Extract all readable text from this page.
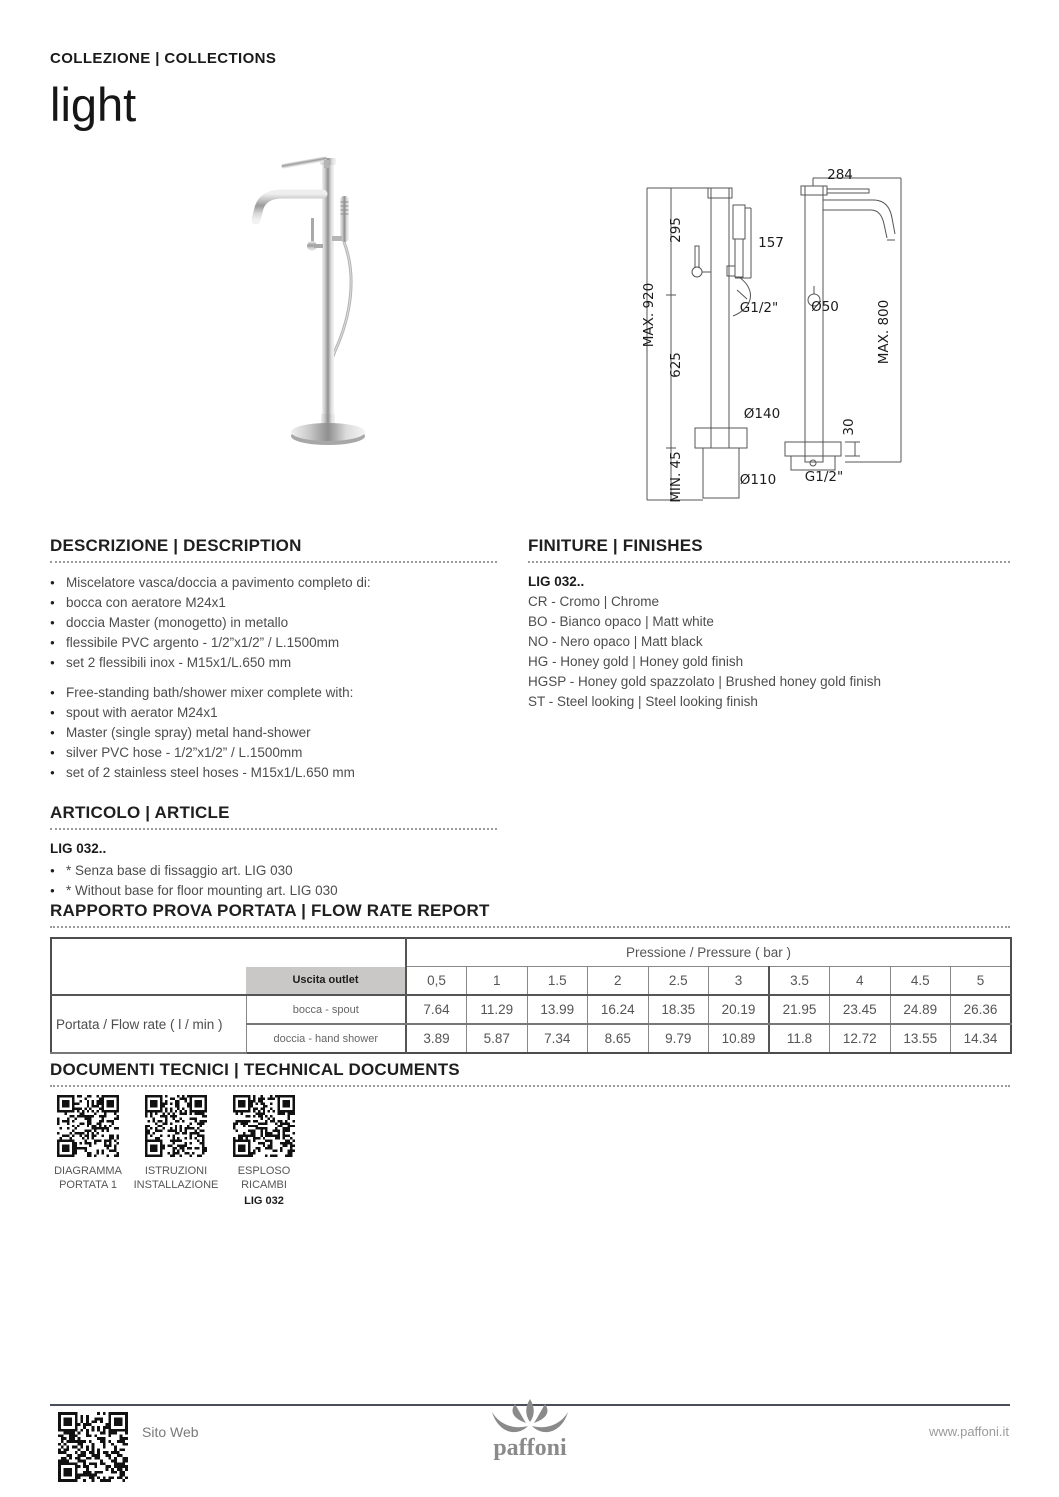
COLLEZIONE | COLLECTIONS
light
295
157
MAX. 920	G1/2"
625
MIN. 45
Ø140
Ø110
284
Ø50	MAX. 800
30
G1/2"
DESCRIZIONE | DESCRIPTION
● Miscelatore vasca/doccia a pavimento completo di:
● bocca con aeratore M24x1
● doccia Master (monogetto) in metallo
● flessibile PVC argento - 1/2”x1/2” / L.1500mm
● set 2 flessibili inox - M15x1/L.650 mm
● Free-standing bath/shower mixer complete with:
● spout with aerator M24x1
● Master (single spray) metal hand-shower
● silver PVC hose - 1/2”x1/2” / L.1500mm
● set of 2 stainless steel hoses - M15x1/L.650 mm
FINITURE | FINISHES
LIG 032..
CR - Cromo | Chrome
BO - Bianco opaco | Matt white
NO - Nero opaco | Matt black
HG - Honey gold | Honey gold finish
HGSP - Honey gold spazzolato | Brushed honey gold finish
ST - Steel looking | Steel looking finish
ARTICOLO | ARTICLE
LIG 032..
● * Senza base di fissaggio art. LIG 030
● * Without base for floor mounting art. LIG 030
RAPPORTO PROVA PORTATA | FLOW RATE REPORT
		Pressione / Pressure ( bar )									
	Uscita outlet	0,5	1	1.5	2	2.5	3	3.5	4	4.5	5
Portata / Flow rate ( l / min )	bocca - spout	7.64	11.29	13.99	16.24	18.35	20.19	21.95	23.45	24.89	26.36
	doccia - hand shower	3.89	5.87	7.34	8.65	9.79	10.89	11.8	12.72	13.55	14.34
DOCUMENTI TECNICI | TECHNICAL DOCUMENTS
DIAGRAMMA
PORTATA 1
ISTRUZIONI
INSTALLAZIONE
ESPLOSO
RICAMBI
LIG 032
Sito Web
paffoni
www.paffoni.it
